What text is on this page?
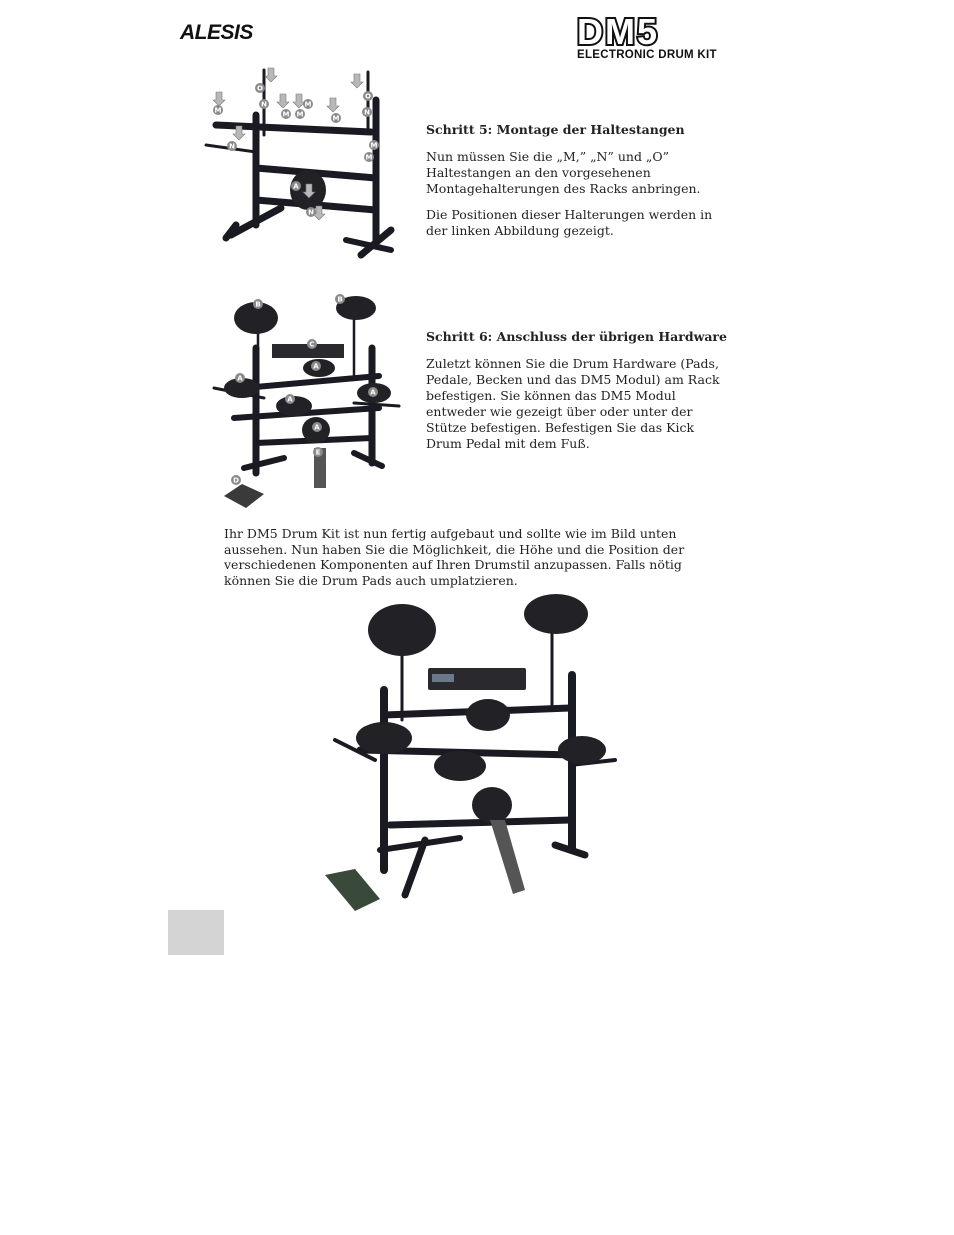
ALESIS	DM5
ELECTRONIC DRUM KIT
O
N
M	M M	M
M
O
N
M
N
M
A
N
Schritt 5: Montage der Haltestangen

Nun müssen Sie die „M,” „N” und „O” Haltestangen an den vorgesehenen Montagehalterungen des Racks anbringen.

Die Positionen dieser Halterungen werden in der linken Abbildung gezeigt.

B
B
C
A
A
A
A
A
E
D
Schritt 6: Anschluss der übrigen Hardware

Zuletzt können Sie die Drum Hardware (Pads, Pedale, Becken und das DM5 Modul) am Rack befestigen. Sie können das DM5 Modul entweder wie gezeigt über oder unter der Stütze befestigen. Befestigen Sie das Kick Drum Pedal mit dem Fuß.

Ihr DM5 Drum Kit ist nun fertig aufgebaut und sollte wie im Bild unten aussehen. Nun haben Sie die Möglichkeit, die Höhe und die Position der verschiedenen Komponenten auf Ihren Drumstil anzupassen. Falls nötig können Sie die Drum Pads auch umplatzieren.
